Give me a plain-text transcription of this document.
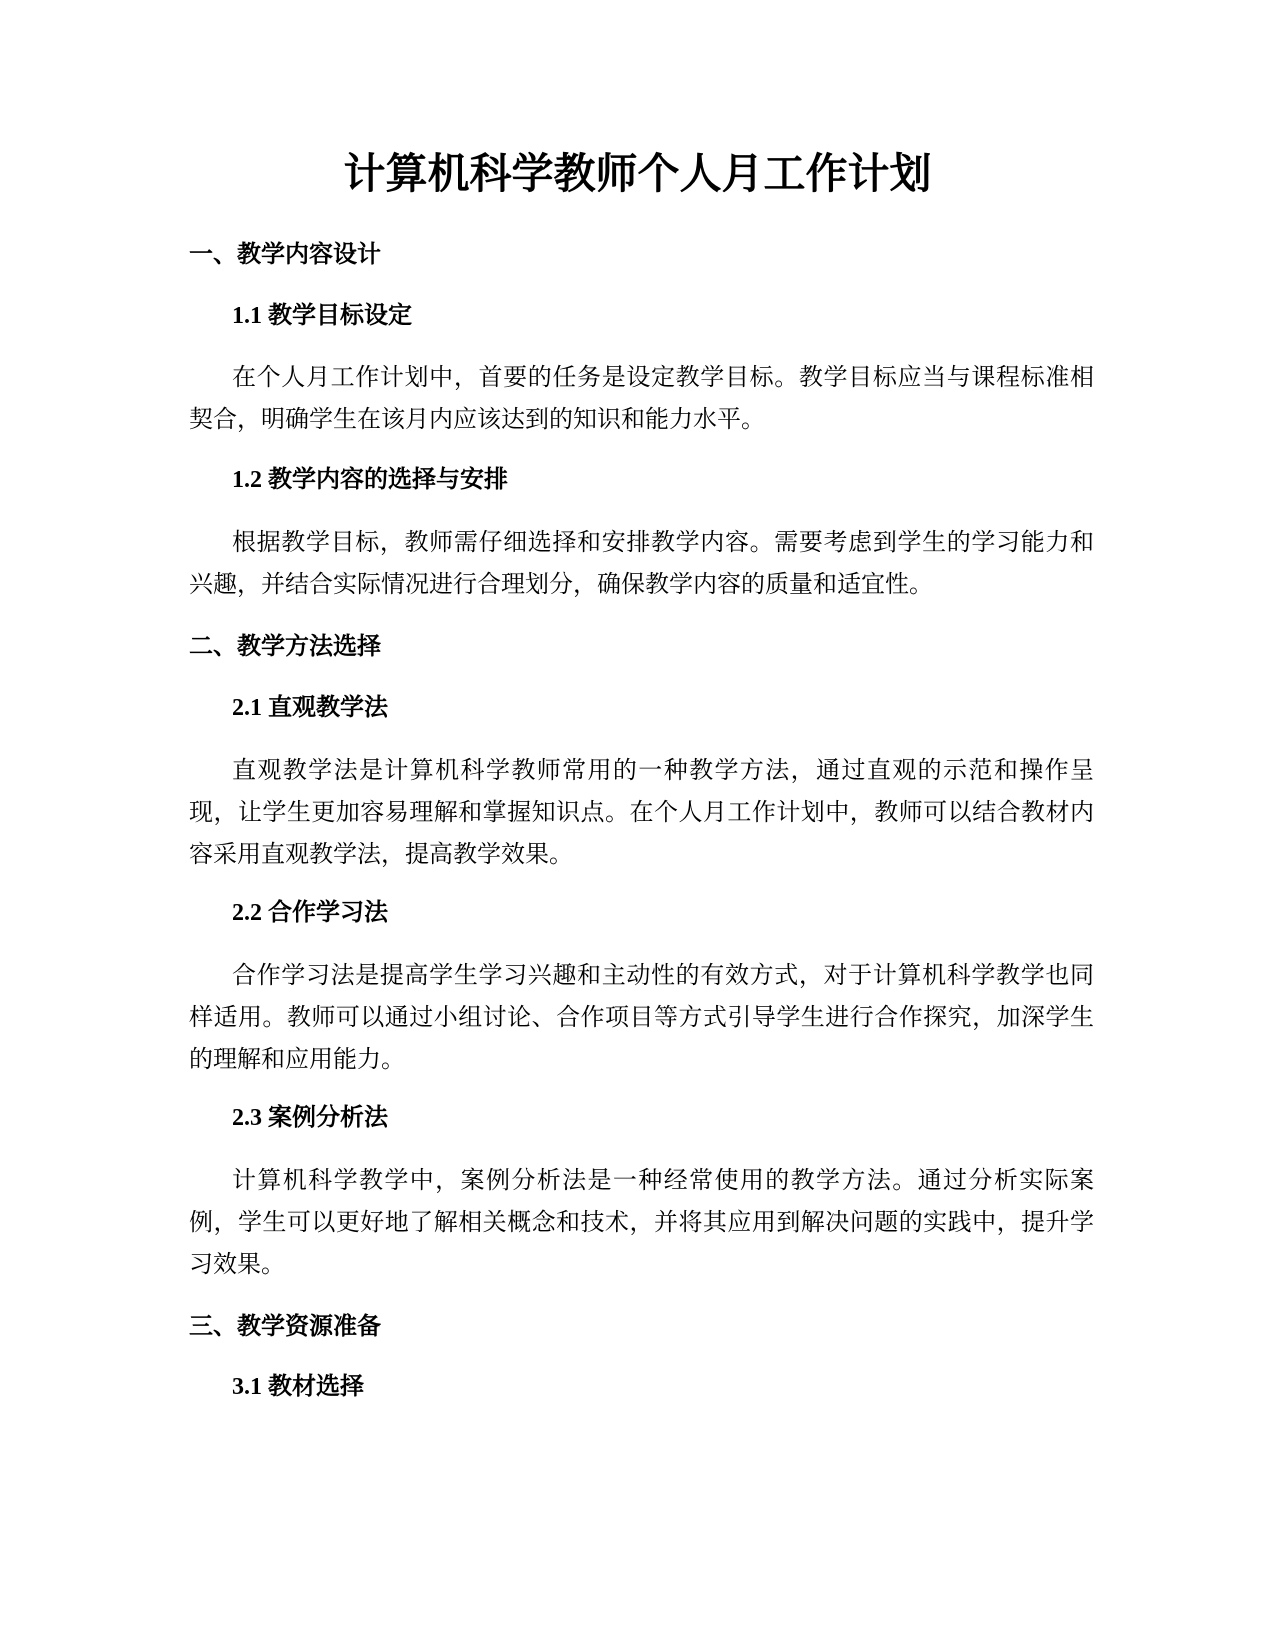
计算机科学教师个人月工作计划
一、教学内容设计
1.1 教学目标设定

在个人月工作计划中，首要的任务是设定教学目标。教学目标应当与课程标准相契合，明确学生在该月内应该达到的知识和能力水平。

1.2 教学内容的选择与安排

根据教学目标，教师需仔细选择和安排教学内容。需要考虑到学生的学习能力和兴趣，并结合实际情况进行合理划分，确保教学内容的质量和适宜性。

二、教学方法选择
2.1 直观教学法

直观教学法是计算机科学教师常用的一种教学方法，通过直观的示范和操作呈现，让学生更加容易理解和掌握知识点。在个人月工作计划中，教师可以结合教材内容采用直观教学法，提高教学效果。

2.2 合作学习法

合作学习法是提高学生学习兴趣和主动性的有效方式，对于计算机科学教学也同样适用。教师可以通过小组讨论、合作项目等方式引导学生进行合作探究，加深学生的理解和应用能力。

2.3 案例分析法

计算机科学教学中，案例分析法是一种经常使用的教学方法。通过分析实际案例，学生可以更好地了解相关概念和技术，并将其应用到解决问题的实践中，提升学习效果。

三、教学资源准备
3.1 教材选择
